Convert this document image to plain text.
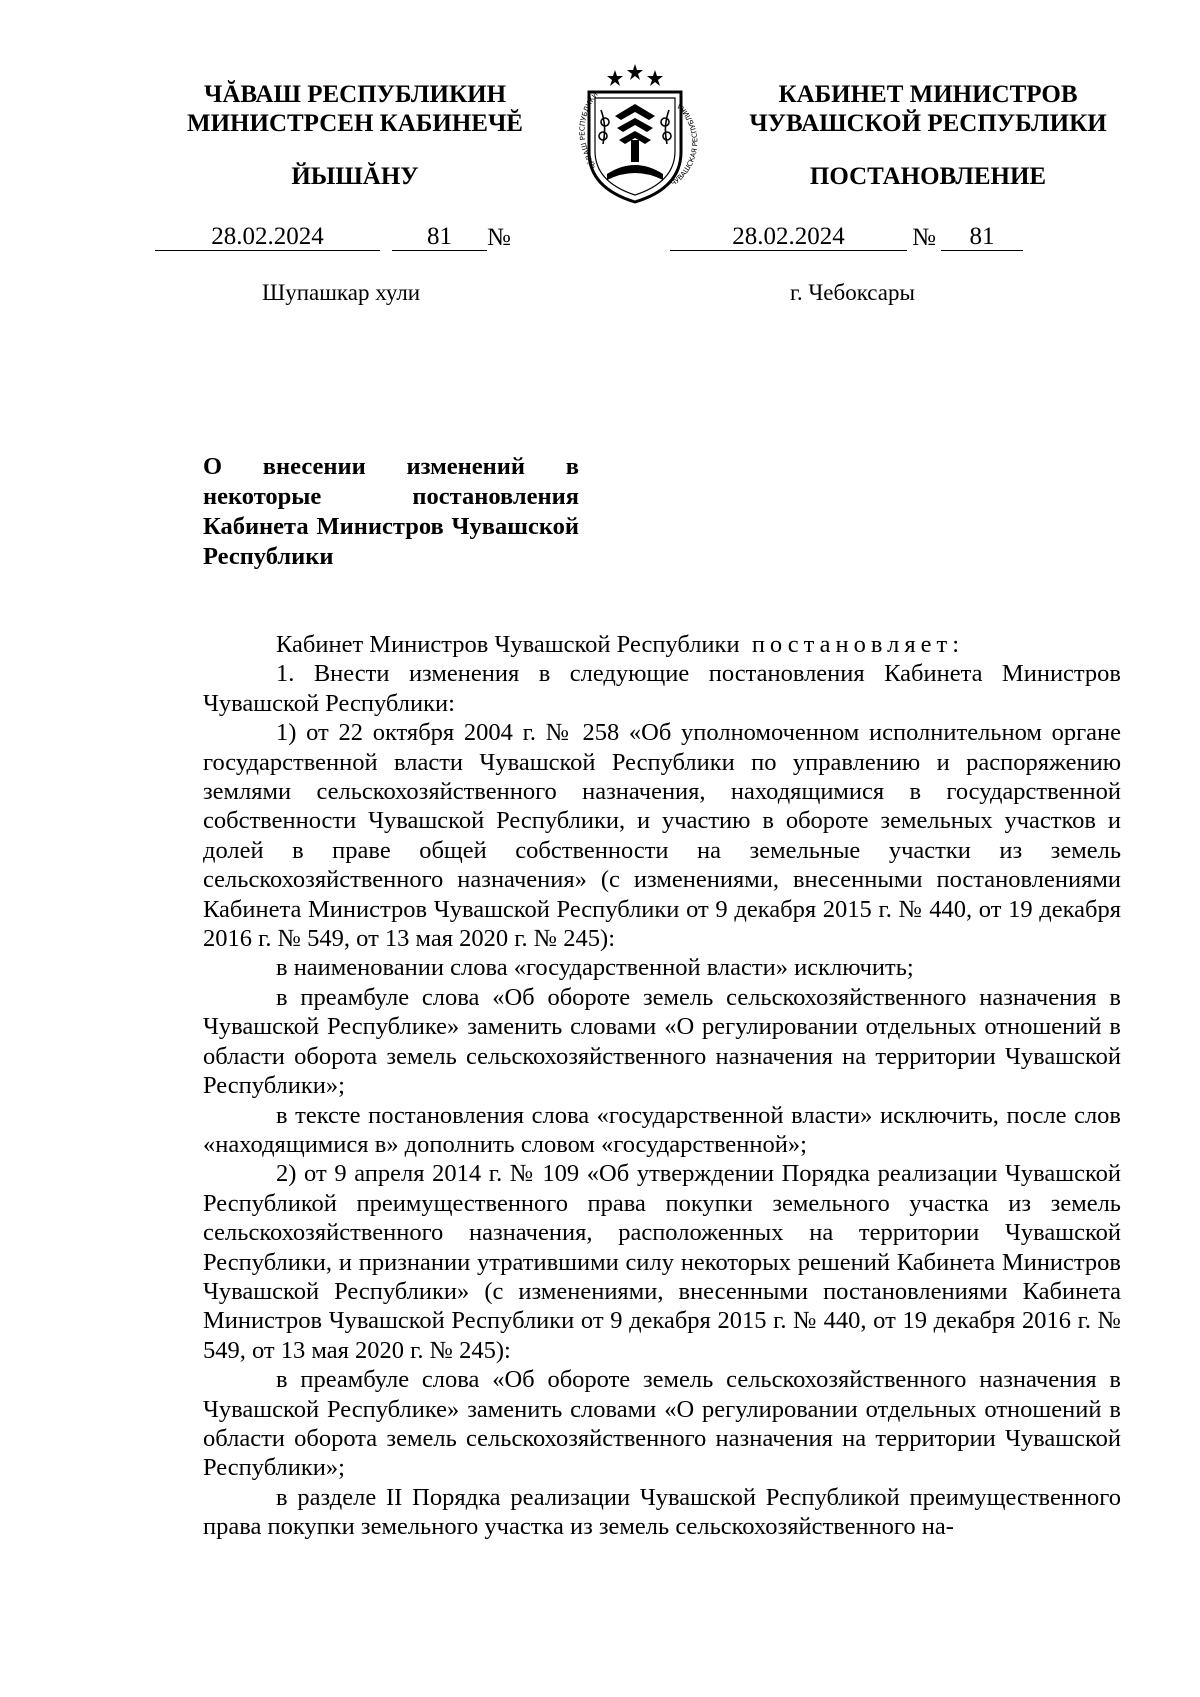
ЧĂВАШ РЕСПУБЛИКИН
МИНИСТРСЕН КАБИНЕЧĔ
ЙЫШĂНУ	ЧĂВАШ РЕСПУБЛИКИ
ЧУВАШСКАЯ РЕСПУБЛИКА	КАБИНЕТ МИНИСТРОВ
ЧУВАШСКОЙ РЕСПУБЛИКИ
ПОСТАНОВЛЕНИЕ
28.02.2024	81 №	28.02.2024	№ 81
Шупашкар хули	г. Чебоксары
О внесении изменений в некоторые постановления Кабинета Министров Чувашской Республики

Кабинет Министров Чувашской Республики постановляет:

1. Внести изменения в следующие постановления Кабинета Министров Чувашской Республики:

1) от 22 октября 2004 г. № 258 «Об уполномоченном исполнительном органе государственной власти Чувашской Республики по управлению и распоряжению землями сельскохозяйственного назначения, находящимися в государственной собственности Чувашской Республики, и участию в обороте земельных участков и долей в праве общей собственности на земельные участки из земель сельскохозяйственного назначения» (с изменениями, внесенными постановлениями Кабинета Министров Чувашской Республики от 9 декабря 2015 г. № 440, от 19 декабря 2016 г. № 549, от 13 мая 2020 г. № 245):

в наименовании слова «государственной власти» исключить;

в преамбуле слова «Об обороте земель сельскохозяйственного назначения в Чувашской Республике» заменить словами «О регулировании отдельных отношений в области оборота земель сельскохозяйственного назначения на территории Чувашской Республики»;

в тексте постановления слова «государственной власти» исключить, после слов «находящимися в» дополнить словом «государственной»;

2) от 9 апреля 2014 г. № 109 «Об утверждении Порядка реализации Чувашской Республикой преимущественного права покупки земельного участка из земель сельскохозяйственного назначения, расположенных на территории Чувашской Республики, и признании утратившими силу некоторых решений Кабинета Министров Чувашской Республики» (с изменениями, внесенными постановлениями Кабинета Министров Чувашской Республики от 9 декабря 2015 г. № 440, от 19 декабря 2016 г. № 549, от 13 мая 2020 г. № 245):

в преамбуле слова «Об обороте земель сельскохозяйственного назначения в Чувашской Республике» заменить словами «О регулировании отдельных отношений в области оборота земель сельскохозяйственного назначения на территории Чувашской Республики»;

в разделе II Порядка реализации Чувашской Республикой преимущественного права покупки земельного участка из земель сельскохозяйственного на-
